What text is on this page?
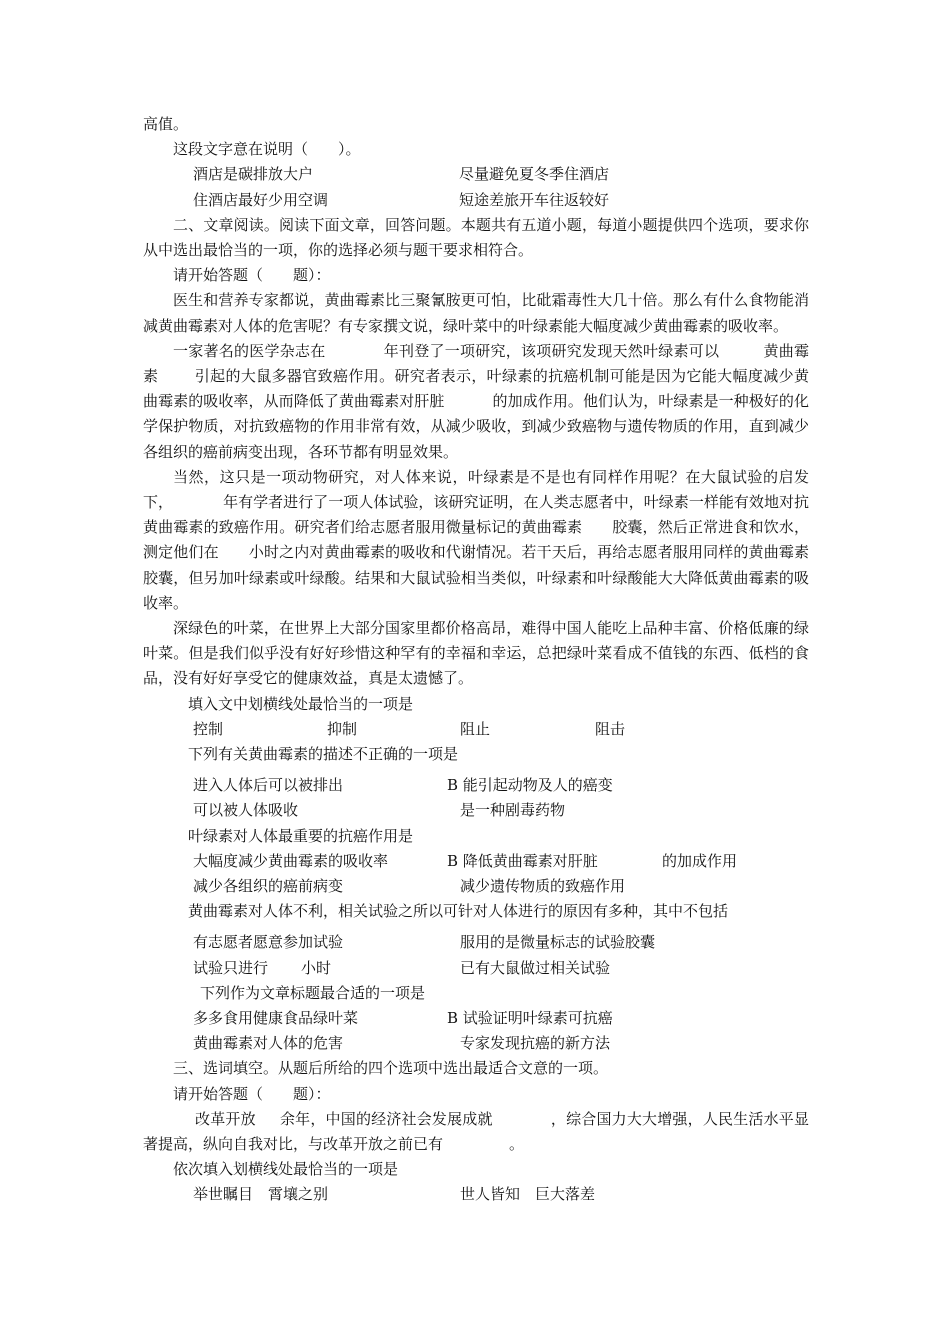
高值。

这段文字意在说明（　　）。

酒店是碳排放大户	尽量避免夏冬季住酒店
住酒店最好少用空调	短途差旅开车往返较好

二、文章阅读。阅读下面文章，回答问题。本题共有五道小题，每道小题提供四个选项，要求你从中选出最恰当的一项，你的选择必须与题干要求相符合。

请开始答题（　　题）：

医生和营养专家都说，黄曲霉素比三聚氰胺更可怕，比砒霜毒性大几十倍。那么有什么食物能消减黄曲霉素对人体的危害呢？有专家撰文说，绿叶菜中的叶绿素能大幅度减少黄曲霉素的吸收率。

一家著名的医学杂志在	年刊登了一项研究，该项研究发现天然叶绿素可以	黄曲霉素 引起的大鼠多器官致癌作用。研究者表示，叶绿素的抗癌机制可能是因为它能大幅度减少黄曲霉素的吸收率，从而降低了黄曲霉素对肝脏	的加成作用。他们认为，叶绿素是一种极好的化学保护物质，对抗致癌物的作用非常有效，从减少吸收，到减少致癌物与遗传物质的作用，直到减少各组织的癌前病变出现，各环节都有明显效果。

当然，这只是一项动物研究，对人体来说，叶绿素是不是也有同样作用呢？在大鼠试验的启发下，	年有学者进行了一项人体试验，该研究证明，在人类志愿者中，叶绿素一样能有效地对抗黄曲霉素的致癌作用。研究者们给志愿者服用微量标记的黄曲霉素 胶囊，然后正常进食和饮水，测定他们在 小时之内对黄曲霉素的吸收和代谢情况。若干天后，再给志愿者服用同样的黄曲霉素胶囊，但另加叶绿素或叶绿酸。结果和大鼠试验相当类似，叶绿素和叶绿酸能大大降低黄曲霉素的吸收率。

深绿色的叶菜，在世界上大部分国家里都价格高昂，难得中国人能吃上品种丰富、价格低廉的绿叶菜。但是我们似乎没有好好珍惜这种罕有的幸福和幸运，总把绿叶菜看成不值钱的东西、低档的食品，没有好好享受它的健康效益，真是太遗憾了。

填入文中划横线处最恰当的一项是

控制	抑制	阻止	阻击

下列有关黄曲霉素的描述不正确的一项是

进入人体后可以被排出	B 能引起动物及人的癌变
可以被人体吸收	是一种剧毒药物

叶绿素对人体最重要的抗癌作用是

大幅度减少黄曲霉素的吸收率	B 降低黄曲霉素对肝脏	的加成作用
减少各组织的癌前病变	减少遗传物质的致癌作用

黄曲霉素对人体不利，相关试验之所以可针对人体进行的原因有多种，其中不包括

有志愿者愿意参加试验	服用的是微量标志的试验胶囊
试验只进行 小时	已有大鼠做过相关试验

下列作为文章标题最合适的一项是

多多食用健康食品绿叶菜	B 试验证明叶绿素可抗癌
黄曲霉素对人体的危害	专家发现抗癌的新方法

三、选词填空。从题后所给的四个选项中选出最适合文意的一项。

请开始答题（　　题）：

改革开放 余年，中国的经济社会发展成就	，综合国力大大增强，人民生活水平显著提高，纵向自我对比，与改革开放之前已有	。

依次填入划横线处最恰当的一项是

举世瞩目　霄壤之别	世人皆知　巨大落差
